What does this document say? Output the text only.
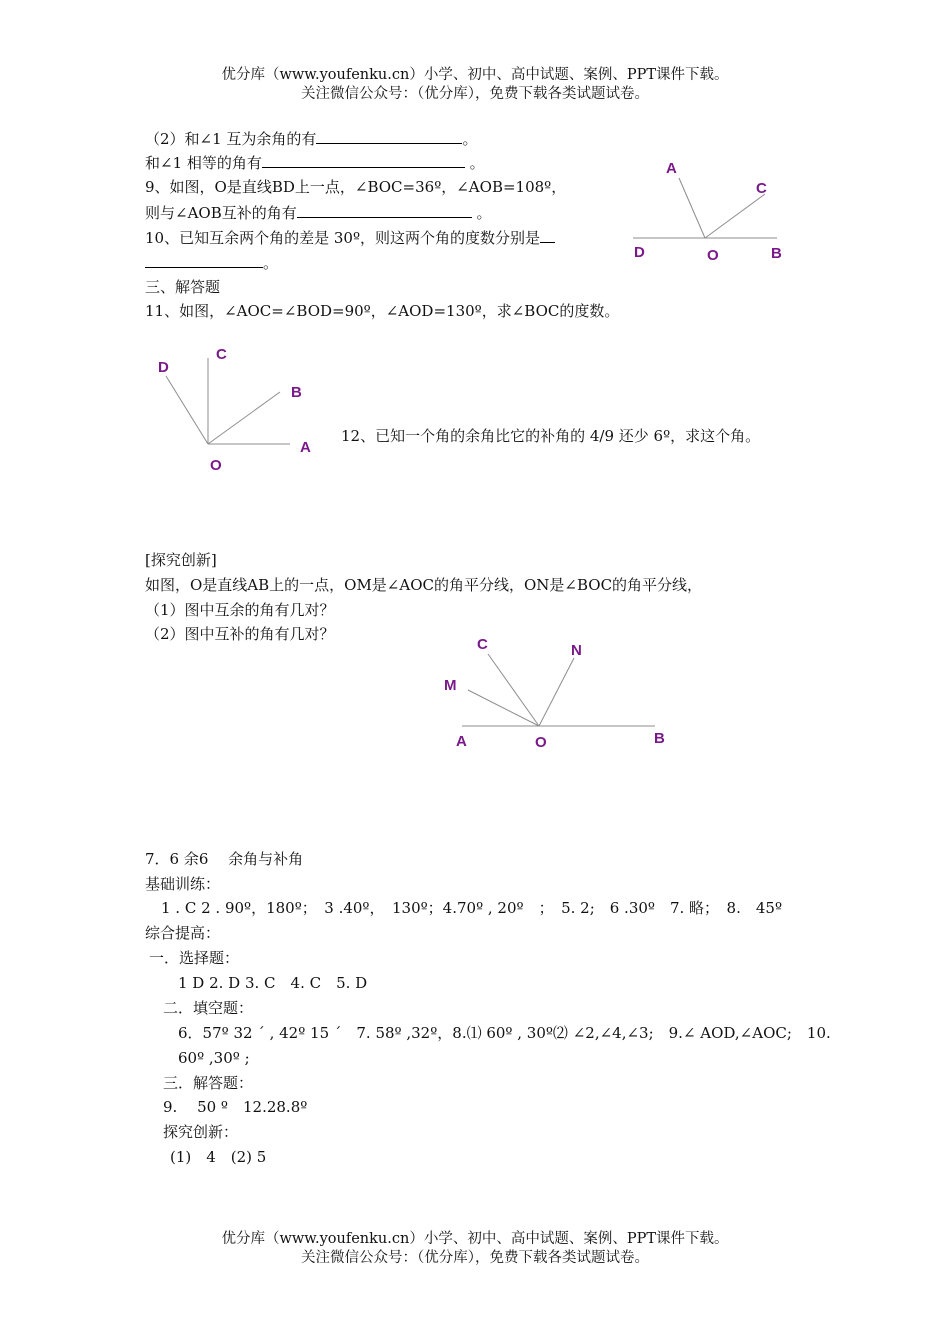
优分库（www.youfenku.cn）小学、初中、高中试题、案例、PPT课件下载。
关注微信公众号：（优分库），免费下载各类试题试卷。
（2）和∠1 互为余角的有	。
和∠1 相等的角有	。
9、如图，O是直线BD上一点，∠BOC=36º，∠AOB=108º，
则与∠AOB互补的角有	。
10、已知互余两个角的差是 30º，则这两个角的度数分别是
。
A
C
D	O	B
三、解答题
11、如图，∠AOC=∠BOD=90º，∠AOD=130º，求∠BOC的度数。
D
C
B
A
O
12、已知一个角的余角比它的补角的 4/9 还少 6º，求这个角。
[探究创新]
如图，O是直线AB上的一点，OM是∠AOC的角平分线，ON是∠BOC的角平分线，
（1）图中互余的角有几对？
（2）图中互补的角有几对？
C	N
M
A	O	B
7．6 余6　 余角与补角
基础训练：
1 . C 2 . 90º，180º；　3 .40º，　130º；4.70º , 20º　；　5. 2;　6 .30º　7. 略；　8.　45º
综合提高：
一．选择题：
1 D 2. D 3. C　4. C　5. D
二．填空题：
6．57º 32 ´ , 42º 15 ´　7. 58º ,32º，8.⑴ 60º , 30º⑵ ∠2,∠4,∠3;　9.∠ AOD,∠AOC;　10.
60º ,30º ;
三．解答题：
9.　 50 º　12.28.8º
探究创新：
(1)　4　(2) 5
优分库（www.youfenku.cn）小学、初中、高中试题、案例、PPT课件下载。
关注微信公众号：（优分库），免费下载各类试题试卷。
